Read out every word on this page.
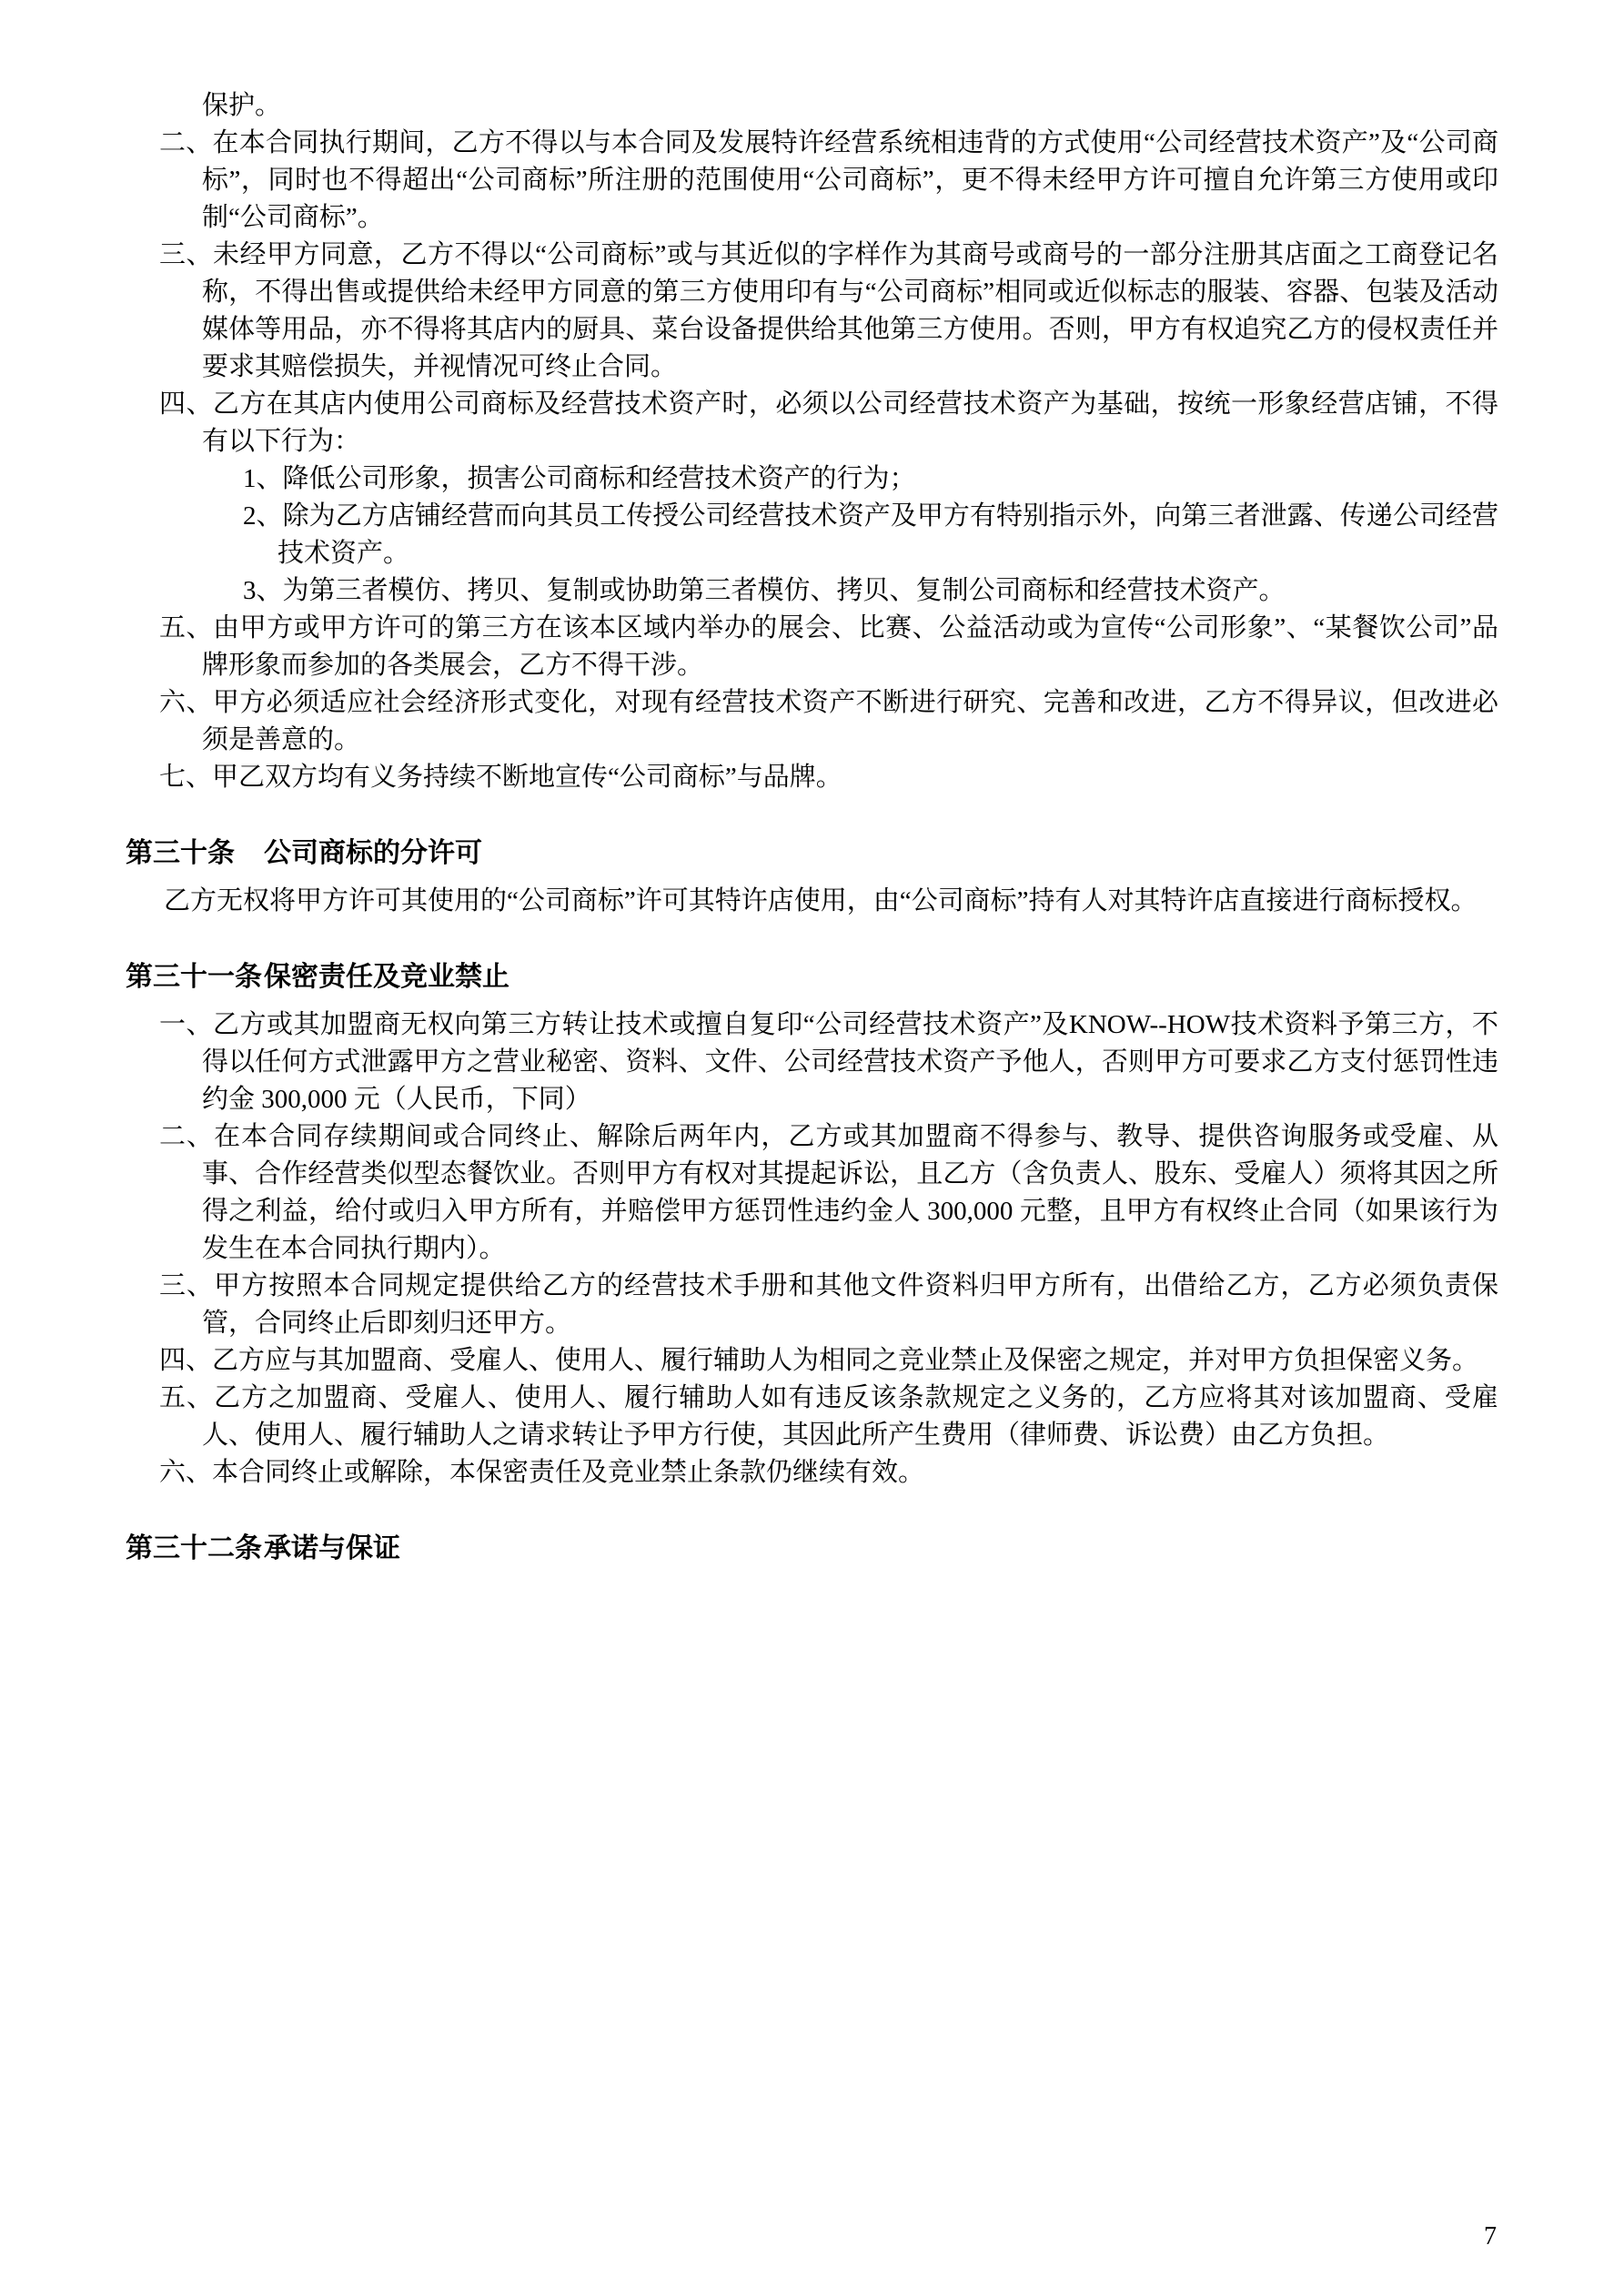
保护。

二、在本合同执行期间，乙方不得以与本合同及发展特许经营系统相违背的方式使用“公司经营技术资产”及“公司商标”，同时也不得超出“公司商标”所注册的范围使用“公司商标”，更不得未经甲方许可擅自允许第三方使用或印制“公司商标”。

三、未经甲方同意，乙方不得以“公司商标”或与其近似的字样作为其商号或商号的一部分注册其店面之工商登记名称，不得出售或提供给未经甲方同意的第三方使用印有与“公司商标”相同或近似标志的服装、容器、包装及活动媒体等用品，亦不得将其店内的厨具、菜台设备提供给其他第三方使用。否则，甲方有权追究乙方的侵权责任并要求其赔偿损失，并视情况可终止合同。

四、乙方在其店内使用公司商标及经营技术资产时，必须以公司经营技术资产为基础，按统一形象经营店铺，不得有以下行为：

1、降低公司形象，损害公司商标和经营技术资产的行为；

2、除为乙方店铺经营而向其员工传授公司经营技术资产及甲方有特别指示外，向第三者泄露、传递公司经营技术资产。

3、为第三者模仿、拷贝、复制或协助第三者模仿、拷贝、复制公司商标和经营技术资产。

五、由甲方或甲方许可的第三方在该本区域内举办的展会、比赛、公益活动或为宣传“公司形象”、“某餐饮公司”品牌形象而参加的各类展会，乙方不得干涉。

六、甲方必须适应社会经济形式变化，对现有经营技术资产不断进行研究、完善和改进，乙方不得异议，但改进必须是善意的。

七、甲乙双方均有义务持续不断地宣传“公司商标”与品牌。

第三十条 公司商标的分许可

乙方无权将甲方许可其使用的“公司商标”许可其特许店使用，由“公司商标”持有人对其特许店直接进行商标授权。

第三十一条保密责任及竞业禁止

一、乙方或其加盟商无权向第三方转让技术或擅自复印“公司经营技术资产”及KNOW--HOW技术资料予第三方，不得以任何方式泄露甲方之营业秘密、资料、文件、公司经营技术资产予他人，否则甲方可要求乙方支付惩罚性违约金 300,000 元（人民币，下同）

二、在本合同存续期间或合同终止、解除后两年内，乙方或其加盟商不得参与、教导、提供咨询服务或受雇、从事、合作经营类似型态餐饮业。否则甲方有权对其提起诉讼，且乙方（含负责人、股东、受雇人）须将其因之所得之利益，给付或归入甲方所有，并赔偿甲方惩罚性违约金人 300,000 元整，且甲方有权终止合同（如果该行为发生在本合同执行期内）。

三、甲方按照本合同规定提供给乙方的经营技术手册和其他文件资料归甲方所有，出借给乙方，乙方必须负责保管，合同终止后即刻归还甲方。

四、乙方应与其加盟商、受雇人、使用人、履行辅助人为相同之竞业禁止及保密之规定，并对甲方负担保密义务。

五、乙方之加盟商、受雇人、使用人、履行辅助人如有违反该条款规定之义务的，乙方应将其对该加盟商、受雇人、使用人、履行辅助人之请求转让予甲方行使，其因此所产生费用（律师费、诉讼费）由乙方负担。

六、本合同终止或解除，本保密责任及竞业禁止条款仍继续有效。

第三十二条承诺与保证
7
